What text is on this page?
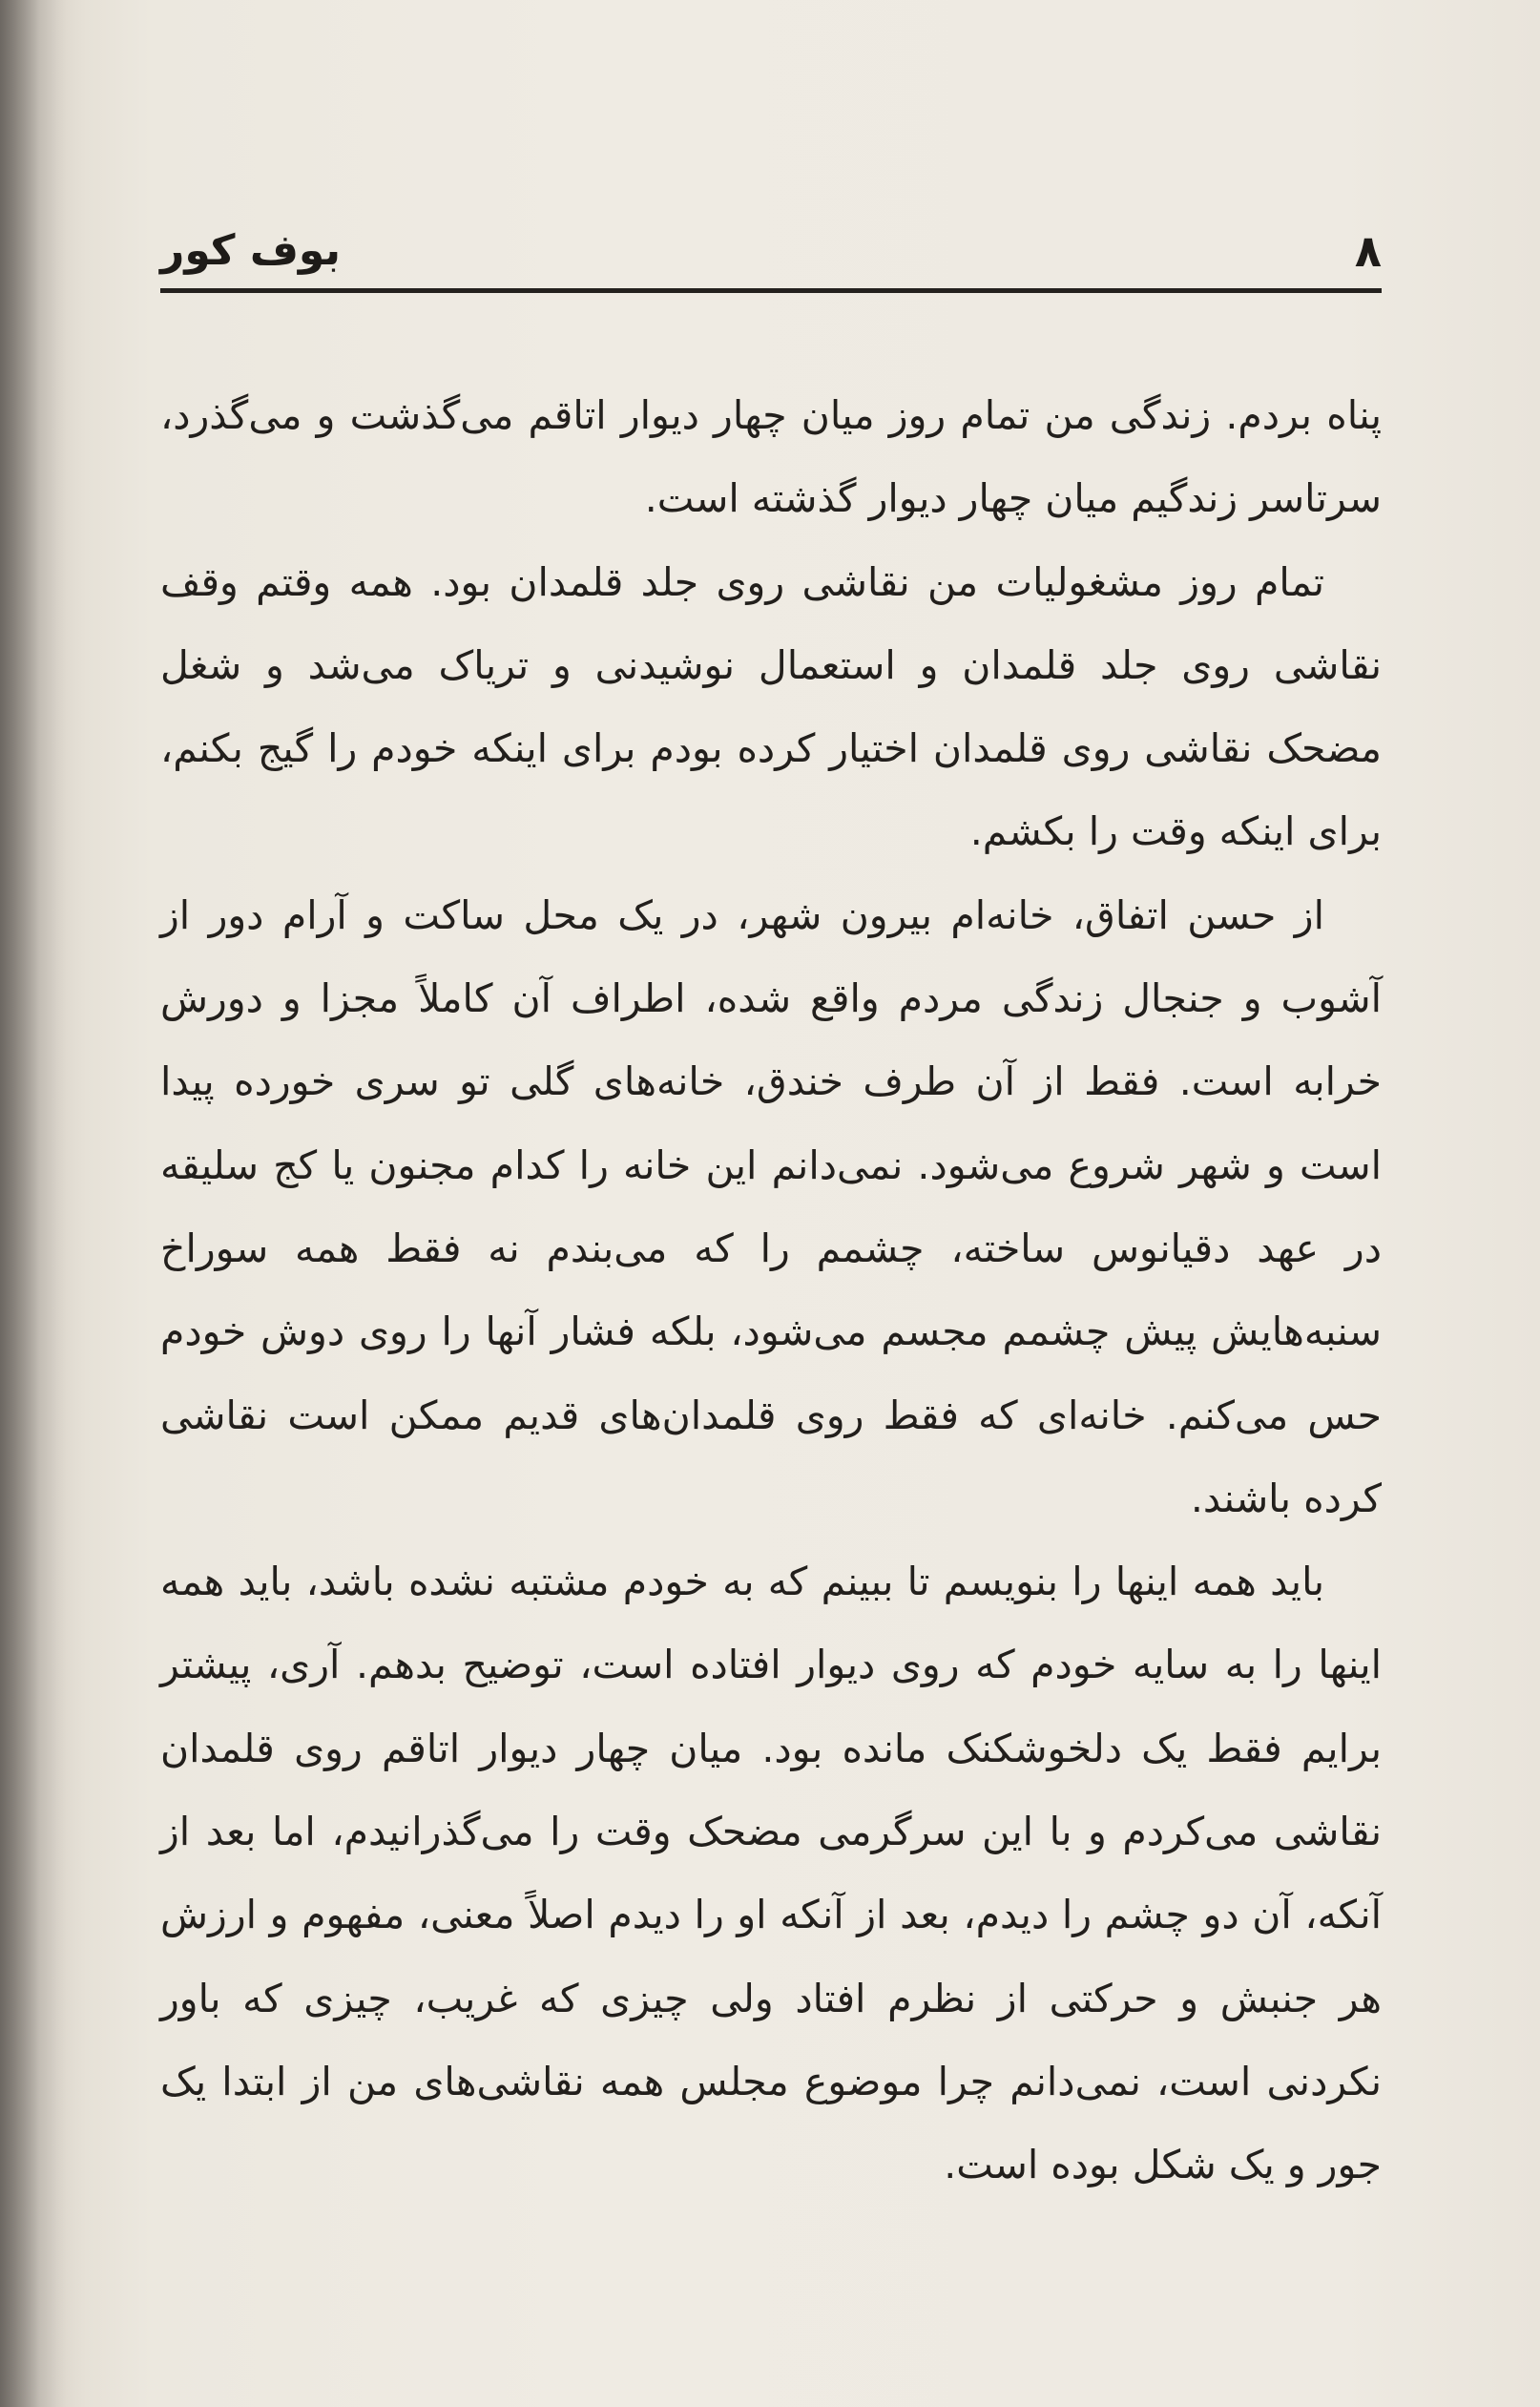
۸
بوف کور

پناه بردم. زندگی من تمام روز میان چهار دیوار اتاقم می‌گذشت و می‌گذرد، سرتاسر زندگیم میان چهار دیوار گذشته است.

تمام روز مشغولیات من نقاشی روی جلد قلمدان بود. همه وقتم وقف نقاشی روی جلد قلمدان و استعمال نوشیدنی و تریاک می‌شد و شغل مضحک نقاشی روی قلمدان اختیار کرده بودم برای اینکه خودم را گیج بکنم، برای اینکه وقت را بکشم.

از حسن اتفاق، خانه‌ام بیرون شهر، در یک محل ساکت و آرام دور از آشوب و جنجال زندگی مردم واقع شده، اطراف آن کاملاً مجزا و دورش خرابه است. فقط از آن طرف خندق، خانه‌های گلی تو سری خورده پیدا است و شهر شروع می‌شود. نمی‌دانم این خانه را کدام مجنون یا کج سلیقه در عهد دقیانوس ساخته، چشمم را که می‌بندم نه فقط همه سوراخ سنبه‌هایش پیش چشمم مجسم می‌شود، بلکه فشار آنها را روی دوش خودم حس می‌کنم. خانه‌ای که فقط روی قلمدان‌های قدیم ممکن است نقاشی کرده باشند.

باید همه اینها را بنویسم تا ببینم که به خودم مشتبه نشده باشد، باید همه اینها را به سایه خودم که روی دیوار افتاده است، توضیح بدهم. آری، پیشتر برایم فقط یک دلخوشکنک مانده بود. میان چهار دیوار اتاقم روی قلمدان نقاشی می‌کردم و با این سرگرمی مضحک وقت را می‌گذرانیدم، اما بعد از آنکه، آن دو چشم را دیدم، بعد از آنکه او را دیدم اصلاً معنی، مفهوم و ارزش هر جنبش و حرکتی از نظرم افتاد ولی چیزی که غریب، چیزی که باور نکردنی است، نمی‌دانم چرا موضوع مجلس همه نقاشی‌های من از ابتدا یک جور و یک شکل بوده است.
